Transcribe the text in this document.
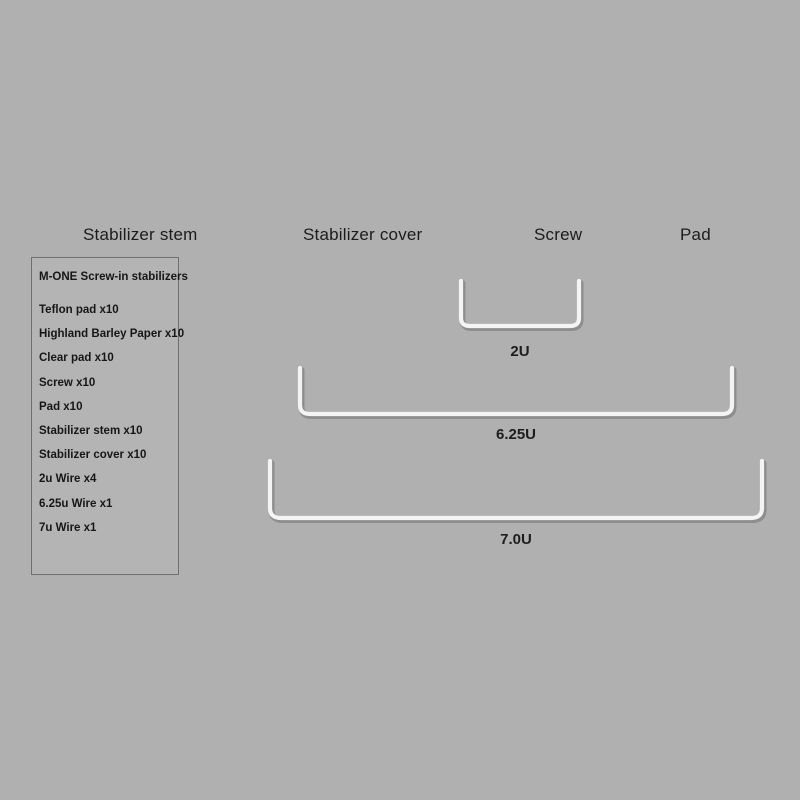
Stabilizer stem	Stabilizer cover	Screw	Pad
M-ONE Screw-in stabilizers
Teflon pad x10
Highland Barley Paper x10
Clear pad x10
Screw x10
Pad x10
Stabilizer stem x10
Stabilizer cover x10
2u Wire x4
6.25u Wire x1
7u Wire x1
2U
6.25U
7.0U
